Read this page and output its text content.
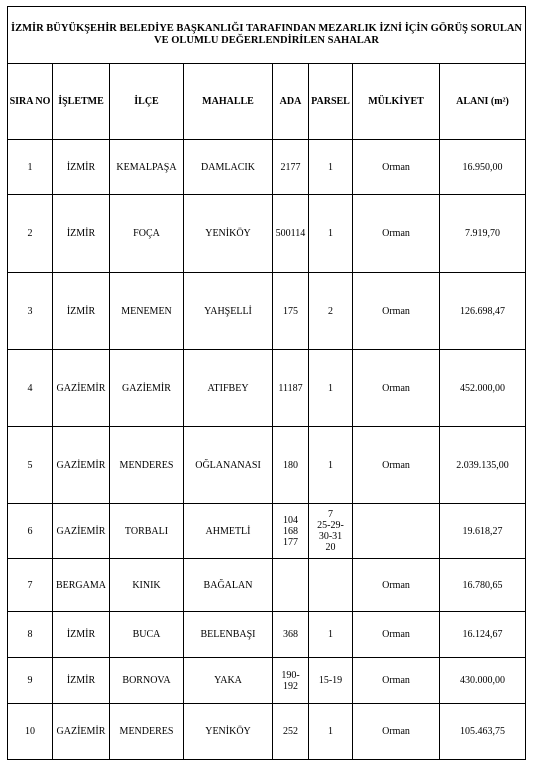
İZMİR BÜYÜKŞEHİR BELEDİYE BAŞKANLIĞI TARAFINDAN MEZARLIK İZNİ İÇİN GÖRÜŞ SORULAN
VE OLUMLU DEĞERLENDİRİLEN SAHALAR							
SIRA NO	İŞLETME	İLÇE	MAHALLE	ADA	PARSEL	MÜLKİYET	ALANI (m²)
1	İZMİR	KEMALPAŞA	DAMLACIK	2177	1	Orman	16.950,00
2	İZMİR	FOÇA	YENİKÖY	500114	1	Orman	7.919,70
3	İZMİR	MENEMEN	YAHŞELLİ	175	2	Orman	126.698,47
4	GAZİEMİR	GAZİEMİR	ATIFBEY	11187	1	Orman	452.000,00
5	GAZİEMİR	MENDERES	OĞLANANASI	180	1	Orman	2.039.135,00
6	GAZİEMİR	TORBALI	AHMETLİ	104
168
177	7
25-29-
30-31
20		19.618,27
7	BERGAMA	KINIK	BAĞALAN			Orman	16.780,65
8	İZMİR	BUCA	BELENBAŞI	368	1	Orman	16.124,67
9	İZMİR	BORNOVA	YAKA	190-192	15-19	Orman	430.000,00
10	GAZİEMİR	MENDERES	YENİKÖY	252	1	Orman	105.463,75
